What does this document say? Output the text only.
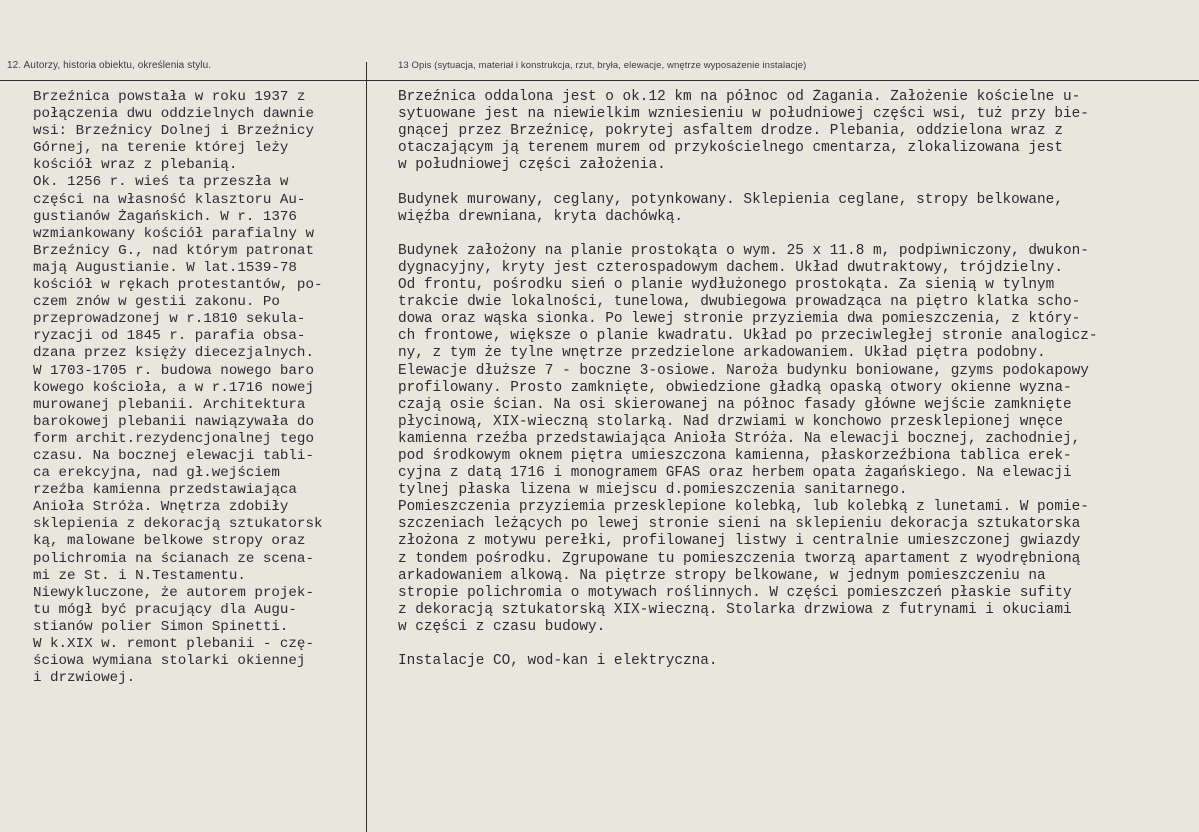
12. Autorzy, historia obiektu, określenia stylu.	13 Opis (sytuacja, materiał i konstrukcja, rzut, bryła, elewacje, wnętrze wyposażenie instalacje)
Brzeźnica powstała w roku 1937 z
połączenia dwu oddzielnych dawnie
wsi: Brzeźnicy Dolnej i Brzeźnicy
Górnej, na terenie której leży
kościół wraz z plebanią.
Ok. 1256 r. wieś ta przeszła w
części na własność klasztoru Au-
gustianów Żagańskich. W r. 1376
wzmiankowany kościół parafialny w
Brzeźnicy G., nad którym patronat
mają Augustianie. W lat.1539-78
kościół w rękach protestantów, po-
czem znów w gestii zakonu. Po
przeprowadzonej w r.1810 sekula-
ryzacji od 1845 r. parafia obsa-
dzana przez księży diecezjalnych.
W 1703-1705 r. budowa nowego baro
kowego kościoła, a w r.1716 nowej
murowanej plebanii. Architektura
barokowej plebanii nawiązywała do
form archit.rezydencjonalnej tego
czasu. Na bocznej elewacji tabli-
ca erekcyjna, nad gł.wejściem
rzeźba kamienna przedstawiająca
Anioła Stróża. Wnętrza zdobiły
sklepienia z dekoracją sztukatorsk
ką, malowane belkowe stropy oraz
polichromia na ścianach ze scena-
mi ze St. i N.Testamentu.
Niewykluczone, że autorem projek-
tu mógł być pracujący dla Augu-
stianów polier Simon Spinetti.
W k.XIX w. remont plebanii - czę-
ściowa wymiana stolarki okiennej
i drzwiowej.
Brzeźnica oddalona jest o ok.12 km na północ od Żagania. Założenie kościelne u-
sytuowane jest na niewielkim wzniesieniu w południowej części wsi, tuż przy bie-
gnącej przez Brzeźnicę, pokrytej asfaltem drodze. Plebania, oddzielona wraz z
otaczającym ją terenem murem od przykościelnego cmentarza, zlokalizowana jest
w południowej części założenia.
Budynek murowany, ceglany, potynkowany. Sklepienia ceglane, stropy belkowane,
więźba drewniana, kryta dachówką.
Budynek założony na planie prostokąta o wym. 25 x 11.8 m, podpiwniczony, dwukon-
dygnacyjny, kryty jest czterospadowym dachem. Układ dwutraktowy, trójdzielny.
Od frontu, pośrodku sień o planie wydłużonego prostokąta. Za sienią w tylnym
trakcie dwie lokalności, tunelowa, dwubiegowa prowadząca na piętro klatka scho-
dowa oraz wąska sionka. Po lewej stronie przyziemia dwa pomieszczenia, z który-
ch frontowe, większe o planie kwadratu. Układ po przeciwległej stronie analogicz-
ny, z tym że tylne wnętrze przedzielone arkadowaniem. Układ piętra podobny.
Elewacje dłuższe 7 - boczne 3-osiowe. Naroża budynku boniowane, gzyms podokapowy
profilowany. Prosto zamknięte, obwiedzione gładką opaską otwory okienne wyzna-
czają osie ścian. Na osi skierowanej na północ fasady główne wejście zamknięte
płycinową, XIX-wieczną stolarką. Nad drzwiami w konchowo przesklepionej wnęce
kamienna rzeźba przedstawiająca Anioła Stróża. Na elewacji bocznej, zachodniej,
pod środkowym oknem piętra umieszczona kamienna, płaskorzeźbiona tablica erek-
cyjna z datą 1716 i monogramem GFAS oraz herbem opata żagańskiego. Na elewacji
tylnej płaska lizena w miejscu d.pomieszczenia sanitarnego.
Pomieszczenia przyziemia przesklepione kolebką, lub kolebką z lunetami. W pomie-
szczeniach leżących po lewej stronie sieni na sklepieniu dekoracja sztukatorska
złożona z motywu perełki, profilowanej listwy i centralnie umieszczonej gwiazdy
z tondem pośrodku. Zgrupowane tu pomieszczenia tworzą apartament z wyodrębnioną
arkadowaniem alkową. Na piętrze stropy belkowane, w jednym pomieszczeniu na
stropie polichromia o motywach roślinnych. W części pomieszczeń płaskie sufity
z dekoracją sztukatorską XIX-wieczną. Stolarka drzwiowa z futrynami i okuciami
w części z czasu budowy.
Instalacje CO, wod-kan i elektryczna.
